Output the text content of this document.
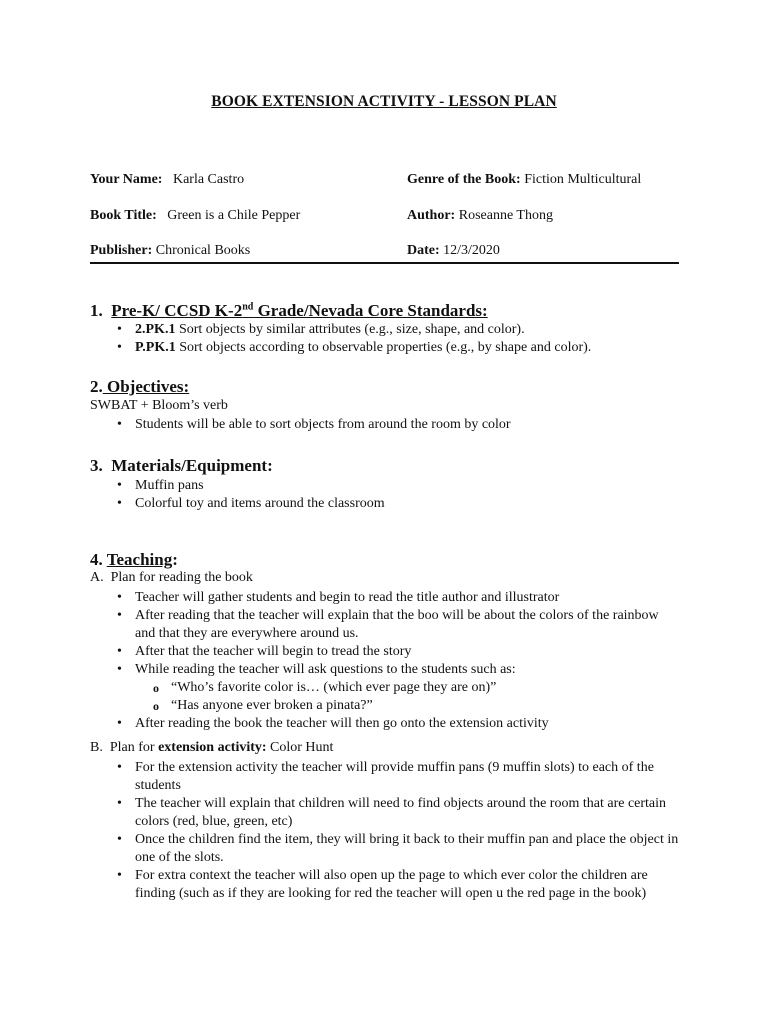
BOOK EXTENSION ACTIVITY - LESSON PLAN
Your Name: Karla Castro	Genre of the Book: Fiction Multicultural
Book Title: Green is a Chile Pepper	Author: Roseanne Thong
Publisher: Chronical Books	Date: 12/3/2020
1. Pre-K/ CCSD K-2nd Grade/Nevada Core Standards:
• 2.PK.1 Sort objects by similar attributes (e.g., size, shape, and color).
• P.PK.1 Sort objects according to observable properties (e.g., by shape and color).
2. Objectives:
SWBAT + Bloom’s verb
• Students will be able to sort objects from around the room by color
3. Materials/Equipment:
• Muffin pans
• Colorful toy and items around the classroom
4. Teaching:
A. Plan for reading the book
• Teacher will gather students and begin to read the title author and illustrator
• After reading that the teacher will explain that the boo will be about the colors of the rainbow and that they are everywhere around us.
• After that the teacher will begin to tread the story
• While reading the teacher will ask questions to the students such as:
o “Who’s favorite color is… (which ever page they are on)”
o “Has anyone ever broken a pinata?”
• After reading the book the teacher will then go onto the extension activity
B. Plan for extension activity: Color Hunt
• For the extension activity the teacher will provide muffin pans (9 muffin slots) to each of the students
• The teacher will explain that children will need to find objects around the room that are certain colors (red, blue, green, etc)
• Once the children find the item, they will bring it back to their muffin pan and place the object in one of the slots.
• For extra context the teacher will also open up the page to which ever color the children are finding (such as if they are looking for red the teacher will open u the red page in the book)
